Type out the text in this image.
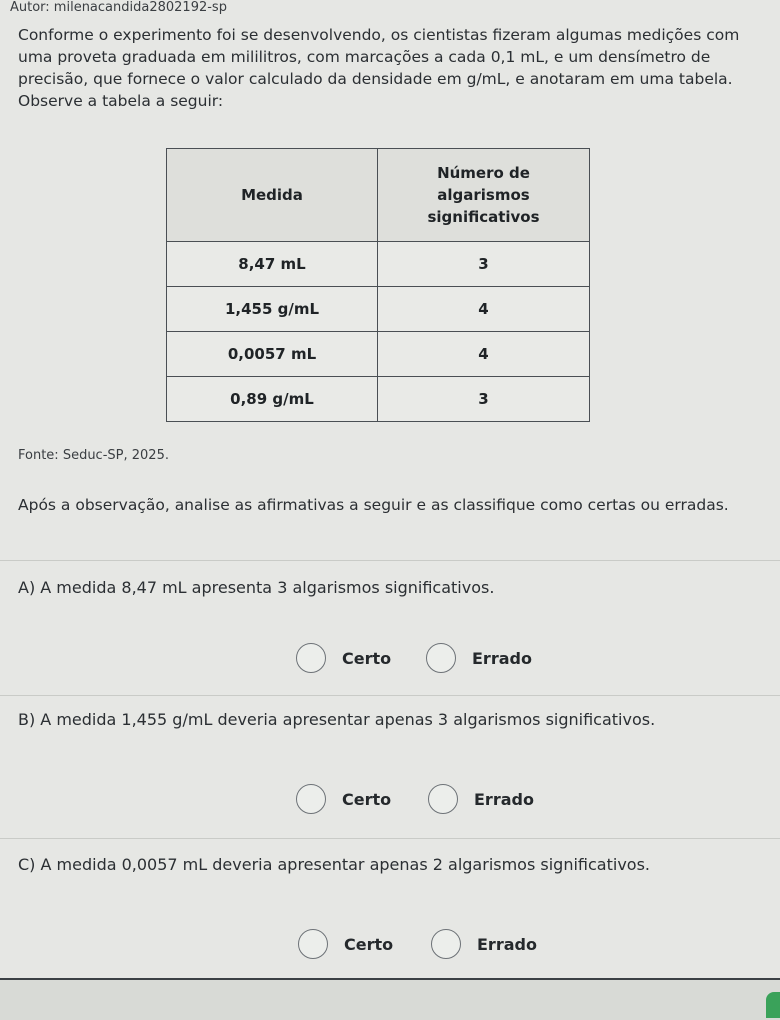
Autor: milenacandida2802192-sp

Conforme o experimento foi se desenvolvendo, os cientistas fizeram algumas medições com uma proveta graduada em mililitros, com marcações a cada 0,1 mL, e um densímetro de precisão, que fornece o valor calculado da densidade em g/mL, e anotaram em uma tabela. Observe a tabela a seguir:

Medida	Número de algarismos significativos

8,47 mL	3
1,455 g/mL	4
0,0057 mL	4
0,89 g/mL	3
Fonte: Seduc-SP, 2025.

Após a observação, analise as afirmativas a seguir e as classifique como certas ou erradas.

A) A medida 8,47 mL apresenta 3 algarismos significativos.

Certo	Errado

B) A medida 1,455 g/mL deveria apresentar apenas 3 algarismos significativos.

Certo	Errado

C) A medida 0,0057 mL deveria apresentar apenas 2 algarismos significativos.

Certo	Errado
